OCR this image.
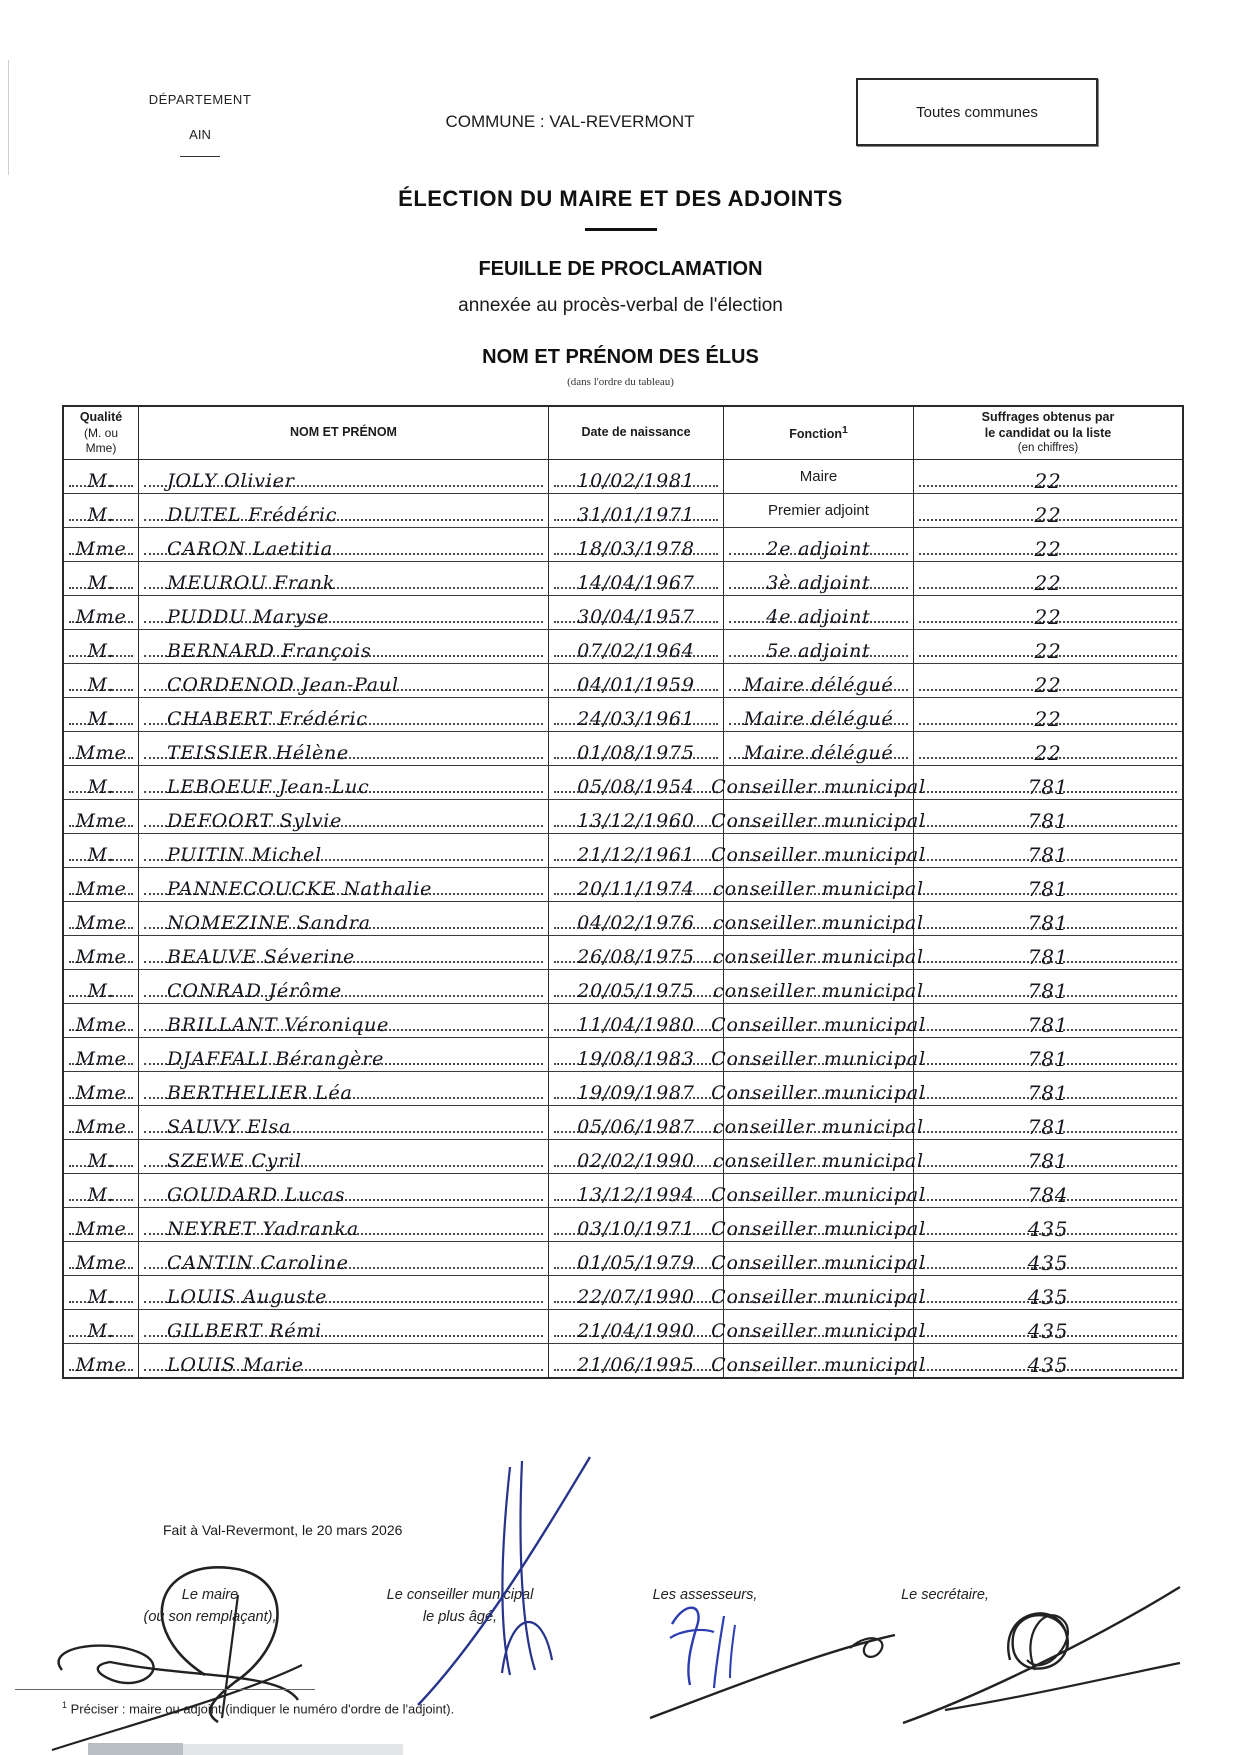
DÉPARTEMENT
AIN
COMMUNE : VAL-REVERMONT	Toutes communes
ÉLECTION DU MAIRE ET DES ADJOINTS
FEUILLE DE PROCLAMATION
annexée au procès-verbal de l'élection
NOM ET PRÉNOM DES ÉLUS
(dans l'ordre du tableau)
Qualité
(M. ou Mme)
NOM ET PRÉNOM	Date de naissance	Fonction$^1$
Suffrages obtenus par
le candidat ou la liste
(en chiffres)
M.	JOLY Olivier	10/02/1981	Maire	22
M.	DUTEL Frédéric	31/01/1971	Premier adjoint	22
Mme CARON Laetitia	18/03/1978	2e adjoint	22
M.	MEUROU Frank	14/04/1967	3è adjoint	22
Mme PUDDU Maryse	30/04/1957	4e adjoint	22
M.	BERNARD François	07/02/1964	5e adjoint	22
M.	CORDENOD Jean-Paul	04/01/1959	Maire délégué	22
M.	CHABERT Frédéric	24/03/1961	Maire délégué	22
Mme TEISSIER Hélène	01/08/1975	Maire délégué	22
M.	LEBOEUF Jean-Luc	05/08/1954 Conseiller municipal	781
Mme DEFOORT Sylvie	13/12/1960 Conseiller municipal	781
M.	PUITIN Michel	21/12/1961 Conseiller municipal	781
Mme PANNECOUCKE Nathalie	20/11/1974 conseiller municipal	781
Mme NOMEZINE Sandra	04/02/1976 conseiller municipal	781
Mme BEAUVE Séverine	26/08/1975 conseiller municipal	781
M.	CONRAD Jérôme	20/05/1975 conseiller municipal	781
Mme BRILLANT Véronique	11/04/1980 Conseiller municipal	781
Mme DJAFFALI Bérangère	19/08/1983 Conseiller municipal	781
Mme BERTHELIER Léa	19/09/1987 Conseiller municipal	781
Mme SAUVY Elsa	05/06/1987 conseiller municipal	781
M.	SZEWE Cyril	02/02/1990 conseiller municipal	781
M.	GOUDARD Lucas	13/12/1994 Conseiller municipal	784
Mme NEYRET Yadranka	03/10/1971 Conseiller municipal	435
Mme CANTIN Caroline	01/05/1979 Conseiller municipal	435
M.	LOUIS Auguste	22/07/1990 Conseiller municipal	435
M.	GILBERT Rémi	21/04/1990 Conseiller municipal	435
Mme LOUIS Marie	21/06/1995 Conseiller municipal	435
Fait à Val-Revermont, le 20 mars 2026
Le maire
(ou son remplaçant),
Le conseiller municipal
le plus âgé,
Les assesseurs,	Le secrétaire,
$^1$ Préciser : maire ou adjoint (indiquer le numéro d'ordre de l'adjoint).
